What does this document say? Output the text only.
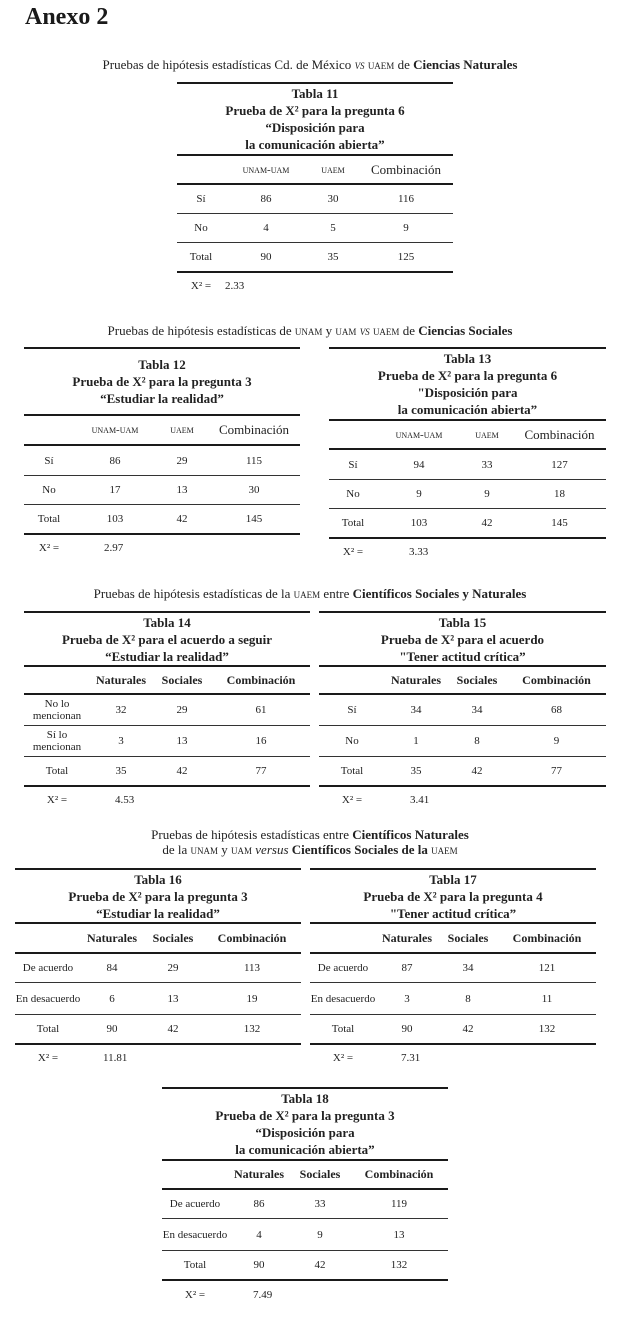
Anexo 2
Pruebas de hipótesis estadísticas Cd. de México vs uaem de Ciencias Naturales
Pruebas de hipótesis estadísticas de unam y uam vs uaem de Ciencias Sociales
Pruebas de hipótesis estadísticas de la uaem entre Científicos Sociales y Naturales
Pruebas de hipótesis estadísticas entre Científicos Naturales
de la unam y uam versus Científicos Sociales de la uaem
Tabla 11
Prueba de X² para la pregunta 6
“Disposición para
la comunicación abierta”
unam-uam	uaem	Combinación
Sí	86	30	116
No	4	5	9
Total	90	35	125
X² =	2.33
Tabla 12
Prueba de X² para la pregunta 3
“Estudiar la realidad”
unam-uam	uaem	Combinación
Sí	86	29	115
No	17	13	30
Total	103	42	145
X² =	2.97
Tabla 13
Prueba de X² para la pregunta 6
"Disposición para
la comunicación abierta”
unam-uam	uaem	Combinación
Sí	94	33	127
No	9	9	18
Total	103	42	145
X² =	3.33
Tabla 14
Prueba de X² para el acuerdo a seguir
“Estudiar la realidad”
Naturales	Sociales	Combinación
No lo mencionan	32	29	61
Sí lo mencionan	3	13	16
Total	35	42	77
X² =	4.53
Tabla 15
Prueba de X² para el acuerdo
"Tener actitud crítica”
Naturales	Sociales	Combinación
Sí	34	34	68
No	1	8	9
Total	35	42	77
X² =	3.41
Tabla 16
Prueba de X² para la pregunta 3
“Estudiar la realidad”
Naturales	Sociales	Combinación
De acuerdo	84	29	113
En desacuerdo	6	13	19
Total	90	42	132
X² =	11.81
Tabla 17
Prueba de X² para la pregunta 4
"Tener actitud crítica”
Naturales	Sociales	Combinación
De acuerdo	87	34	121
En desacuerdo	3	8	11
Total	90	42	132
X² =	7.31
Tabla 18
Prueba de X² para la pregunta 3
“Disposición para
la comunicación abierta”
Naturales	Sociales	Combinación
De acuerdo	86	33	119
En desacuerdo	4	9	13
Total	90	42	132
X² =	7.49
